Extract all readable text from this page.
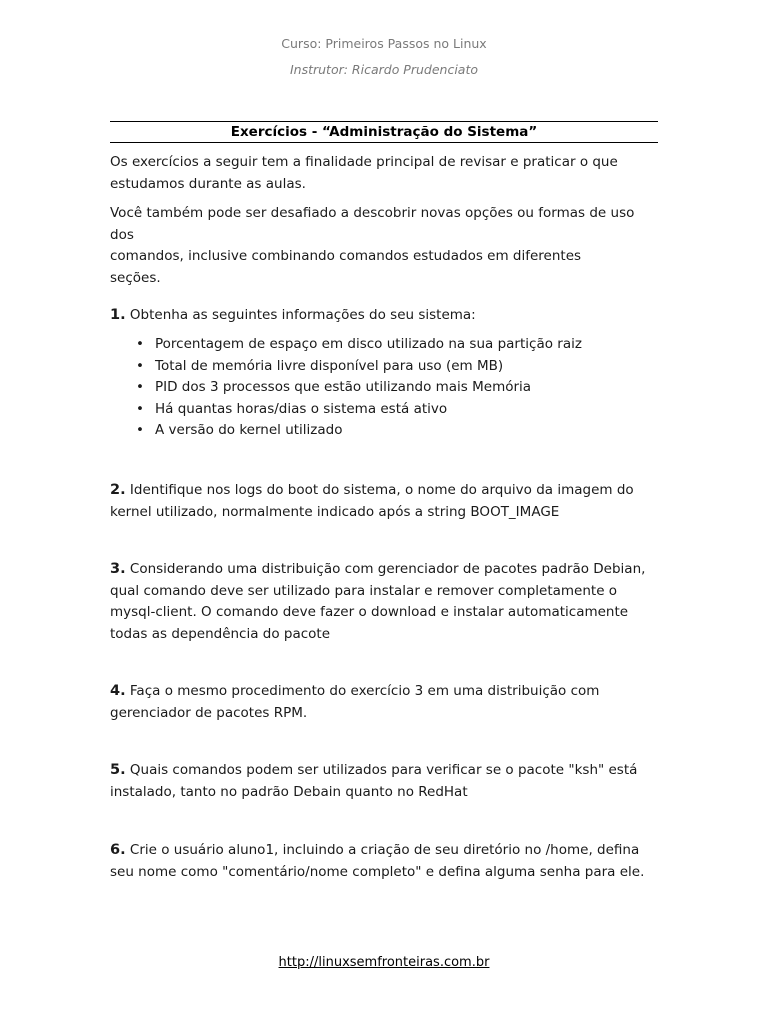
Curso: Primeiros Passos no Linux
Instrutor: Ricardo Prudenciato
Exercícios - “Administração do Sistema”
Os exercícios a seguir tem a finalidade principal de revisar e praticar o que estudamos durante as aulas.
Você também pode ser desafiado a descobrir novas opções ou formas de uso dos
comandos, inclusive combinando comandos estudados em diferentes
seções.
1. Obtenha as seguintes informações do seu sistema:
• Porcentagem de espaço em disco utilizado na sua partição raiz
• Total de memória livre disponível para uso (em MB)
• PID dos 3 processos que estão utilizando mais Memória
• Há quantas horas/dias o sistema está ativo
• A versão do kernel utilizado
2. Identifique nos logs do boot do sistema, o nome do arquivo da imagem do kernel utilizado, normalmente indicado após a string BOOT_IMAGE
3. Considerando uma distribuição com gerenciador de pacotes padrão Debian, qual comando deve ser utilizado para instalar e remover completamente o mysql-client. O comando deve fazer o download e instalar automaticamente todas as dependência do pacote
4. Faça o mesmo procedimento do exercício 3 em uma distribuição com gerenciador de pacotes RPM.
5. Quais comandos podem ser utilizados para verificar se o pacote "ksh" está instalado, tanto no padrão Debain quanto no RedHat
6. Crie o usuário aluno1, incluindo a criação de seu diretório no /home, defina seu nome como "comentário/nome completo" e defina alguma senha para ele.
http://linuxsemfronteiras.com.br
